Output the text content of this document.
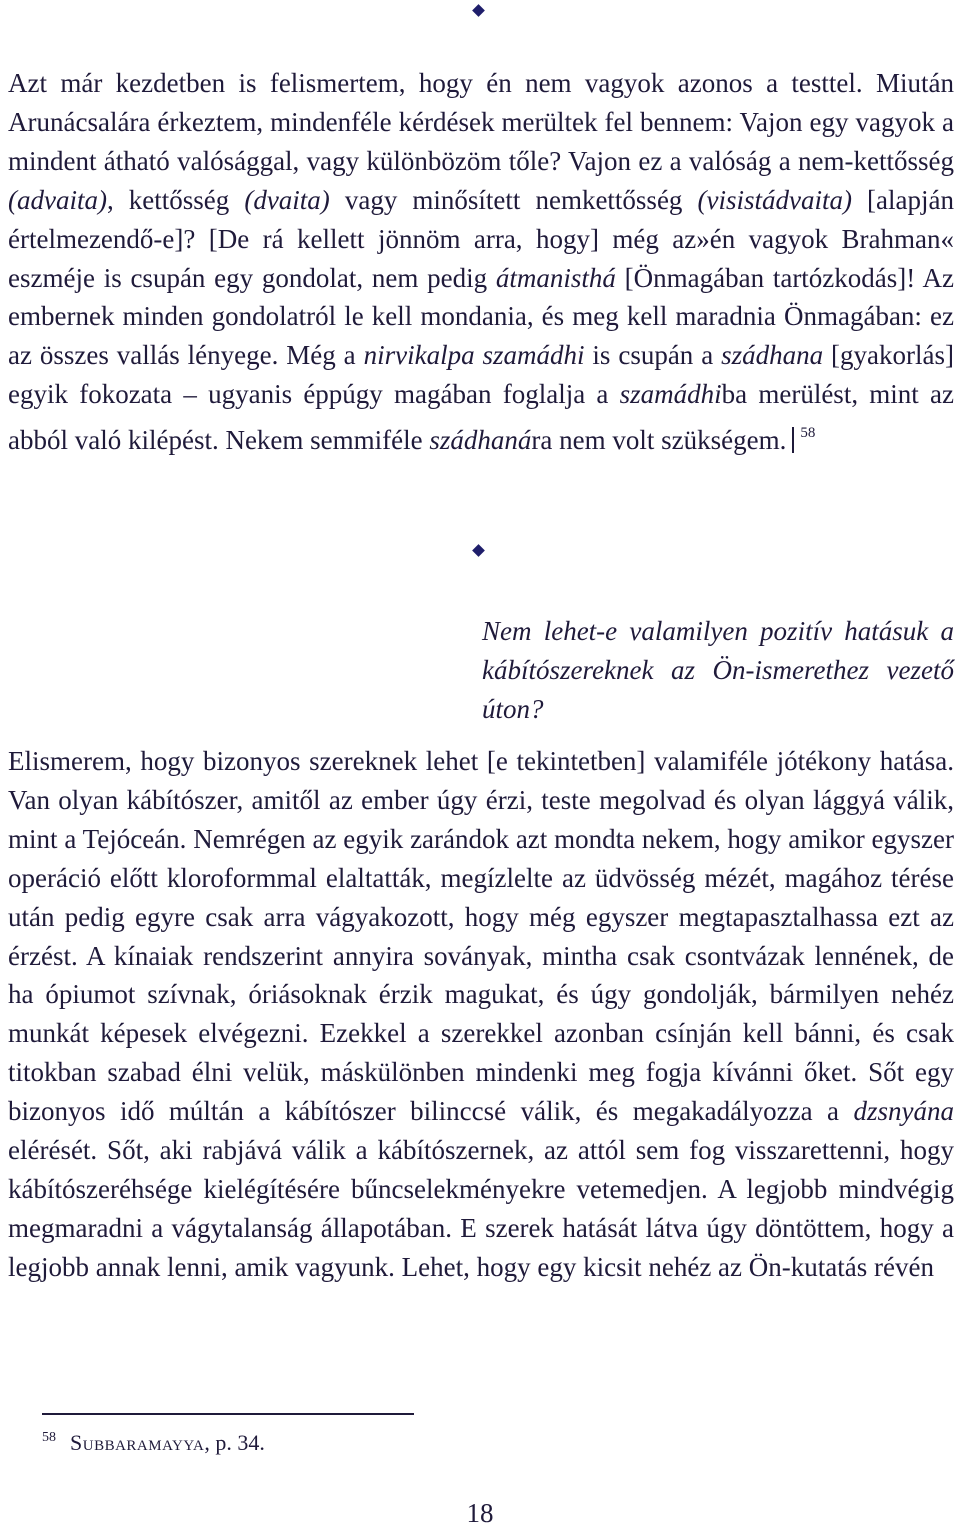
Azt már kezdetben is felismertem, hogy én nem vagyok azonos a testtel. Miután Arunácsalára érkeztem, mindenféle kérdések merültek fel bennem: Vajon egy vagyok a mindent átható valósággal, vagy különbözöm tőle? Vajon ez a valóság a nem-kettősség (advaita), kettősség (dvaita) vagy minősített nemkettősség (visistádvaita) [alapján értelmezendő-e]? [De rá kellett jönnöm arra, hogy] még az»én vagyok Brahman« eszméje is csupán egy gondolat, nem pedig átmanisthá [Önmagában tartózkodás]! Az embernek minden gondolatról le kell mondania, és meg kell maradnia Önmagában: ez az összes vallás lényege. Még a nirvikalpa szamádhi is csupán a szádhana [gyakorlás] egyik fokozata – ugyanis éppúgy magában foglalja a szamádhiba merülést, mint az abból való kilépést. Nekem semmiféle szádhanára nem volt szükségem. $^{58}$

Nem lehet-e valamilyen pozitív hatásuk a kábítószereknek az Ön-ismerethez vezető úton?

Elismerem, hogy bizonyos szereknek lehet [e tekintetben] valamiféle jótékony hatása. Van olyan kábítószer, amitől az ember úgy érzi, teste megolvad és olyan lággyá válik, mint a Tejóceán. Nemrégen az egyik zarándok azt mondta nekem, hogy amikor egyszer operáció előtt kloroformmal elaltatták, megízlelte az üdvösség mézét, magához térése után pedig egyre csak arra vágyakozott, hogy még egyszer megtapasztalhassa ezt az érzést. A kínaiak rendszerint annyira soványak, mintha csak csontvázak lennének, de ha ópiumot szívnak, óriásoknak érzik magukat, és úgy gondolják, bármilyen nehéz munkát képesek elvégezni. Ezekkel a szerekkel azonban csínján kell bánni, és csak titokban szabad élni velük, máskülönben mindenki meg fogja kívánni őket. Sőt egy bizonyos idő múltán a kábítószer bilinccsé válik, és megakadályozza a dzsnyána elérését. Sőt, aki rabjává válik a kábítószernek, az attól sem fog visszarettenni, hogy kábítószeréhsége kielégítésére bűncselekményekre vetemedjen. A legjobb mindvégig megmaradni a vágytalanság állapotában. E szerek hatását látva úgy döntöttem, hogy a legjobb annak lenni, amik vagyunk. Lehet, hogy egy kicsit nehéz az Ön-kutatás révén

$^{58}$ Subbaramayya, p. 34.
18
